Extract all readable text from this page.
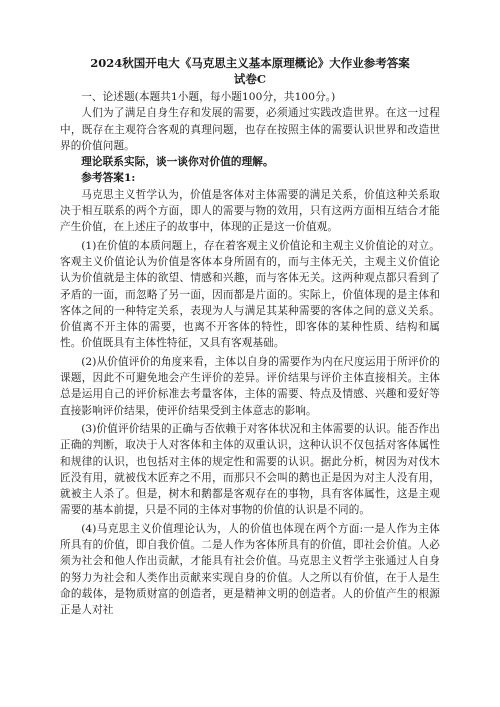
2024秋国开电大《马克思主义基本原理概论》大作业参考答案
试卷C

一、论述题(本题共1小题，每小题100分，共100分。)

人们为了满足自身生存和发展的需要，必须通过实践改造世界。在这一过程中，既存在主观符合客观的真理问题，也存在按照主体的需要认识世界和改造世界的价值问题。

理论联系实际，谈一谈你对价值的理解。

参考答案1:

马克思主义哲学认为，价值是客体对主体需要的满足关系，价值这种关系取决于相互联系的两个方面，即人的需要与物的效用，只有这两方面相互结合才能产生价值，在上述庄子的故事中，体现的正是这一价值观。

(1)在价值的本质问题上，存在着客观主义价值论和主观主义价值论的对立。客观主义价值论认为价值是客体本身所固有的，而与主体无关，主观主义价值论认为价值就是主体的欲望、情感和兴趣，而与客体无关。这两种观点都只看到了矛盾的一面，而忽略了另一面，因而都是片面的。实际上，价值体现的是主体和客体之间的一种特定关系，表现为人与满足其某种需要的客体之间的意义关系。价值离不开主体的需要，也离不开客体的特性，即客体的某种性质、结构和属性。价值既具有主体性特征，又具有客观基础。

(2)从价值评价的角度来看，主体以自身的需要作为内在尺度运用于所评价的课题，因此不可避免地会产生评价的差异。评价结果与评价主体直接相关。主体总是运用自己的评价标准去考量客体，主体的需要、特点及情感、兴趣和爱好等直接影响评价结果，使评价结果受到主体意志的影响。

(3)价值评价结果的正确与否依赖于对客体状况和主体需要的认识。能否作出正确的判断，取决于人对客体和主体的双重认识，这种认识不仅包括对客体属性和规律的认识，也包括对主体的规定性和需要的认识。据此分析，树因为对伐木匠没有用，就被伐木匠弃之不用，而那只不会叫的鹅也正是因为对主人没有用，就被主人杀了。但是，树木和鹅都是客观存在的事物，具有客体属性，这是主观需要的基本前提，只是不同的主体对事物的价值的认识是不同的。

(4)马克思主义价值理论认为，人的价值也体现在两个方面:一是人作为主体所具有的价值，即自我价值。二是人作为客体所具有的价值，即社会价值。人必须为社会和他人作出贡献，才能具有社会价值。马克思主义哲学主张通过人自身的努力为社会和人类作出贡献来实现自身的价值。人之所以有价值，在于人是生命的载体，是物质财富的创造者，更是精神文明的创造者。人的价值产生的根源正是人对社
